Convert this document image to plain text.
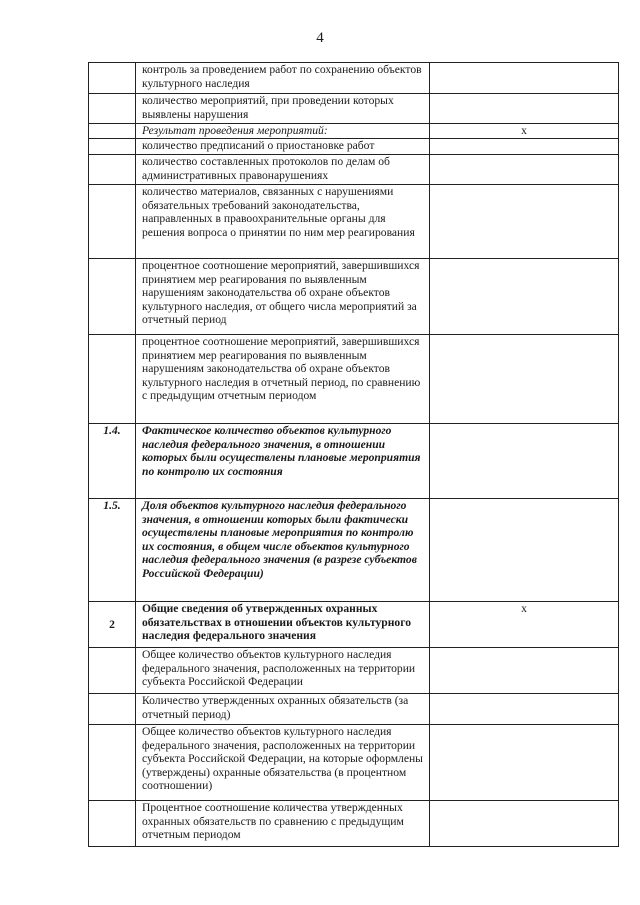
4
	контроль за проведением работ по сохранению объектов культурного наследия	
	количество мероприятий, при проведении которых выявлены нарушения	
	Результат проведения мероприятий:	х
	количество предписаний о приостановке работ	
	количество составленных протоколов по делам об административных правонарушениях	
	количество материалов, связанных с нарушениями обязательных требований законодательства, направленных в правоохранительные органы для решения вопроса о принятии по ним мер реагирования	
	процентное соотношение мероприятий, завершившихся принятием мер реагирования по выявленным нарушениям законодательства об охране объектов культурного наследия, от общего числа мероприятий за отчетный период	
	процентное соотношение мероприятий, завершившихся принятием мер реагирования по выявленным нарушениям законодательства об охране объектов культурного наследия в отчетный период, по сравнению с предыдущим отчетным периодом	
1.4.	Фактическое количество объектов культурного наследия федерального значения, в отношении которых были осуществлены плановые мероприятия по контролю их состояния	
1.5.	Доля объектов культурного наследия федерального значения, в отношении которых были фактически осуществлены плановые мероприятия по контролю их состояния, в общем числе объектов культурного наследия федерального значения (в разрезе субъектов Российской Федерации)	
2	Общие сведения об утвержденных охранных обязательствах в отношении объектов культурного наследия федерального значения	х
	Общее количество объектов культурного наследия федерального значения, расположенных на территории субъекта Российской Федерации	
	Количество утвержденных охранных обязательств (за отчетный период)	
	Общее количество объектов культурного наследия федерального значения, расположенных на территории субъекта Российской Федерации, на которые оформлены (утверждены) охранные обязательства (в процентном соотношении)	
	Процентное соотношение количества утвержденных охранных обязательств по сравнению с предыдущим отчетным периодом	
